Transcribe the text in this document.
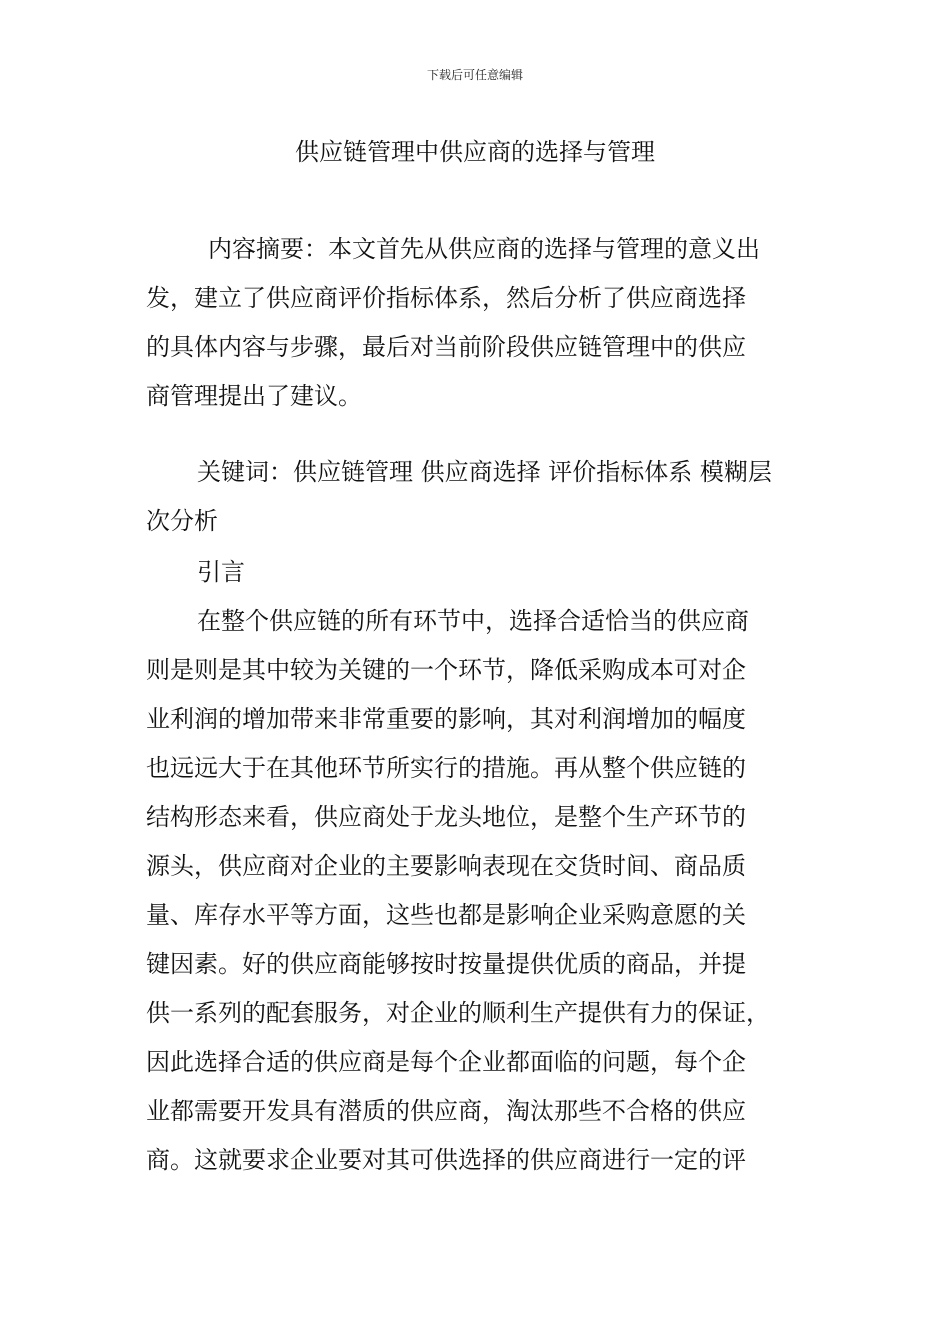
下载后可任意编辑
供应链管理中供应商的选择与管理
内容摘要：本文首先从供应商的选择与管理的意义出
发，建立了供应商评价指标体系，然后分析了供应商选择
的具体内容与步骤，最后对当前阶段供应链管理中的供应
商管理提出了建议。
关键词：供应链管理 供应商选择 评价指标体系 模糊层
次分析
引言
在整个供应链的所有环节中，选择合适恰当的供应商
则是则是其中较为关键的一个环节，降低采购成本可对企
业利润的增加带来非常重要的影响，其对利润增加的幅度
也远远大于在其他环节所实行的措施。再从整个供应链的
结构形态来看，供应商处于龙头地位，是整个生产环节的
源头，供应商对企业的主要影响表现在交货时间、商品质
量、库存水平等方面，这些也都是影响企业采购意愿的关
键因素。好的供应商能够按时按量提供优质的商品，并提
供一系列的配套服务，对企业的顺利生产提供有力的保证，
因此选择合适的供应商是每个企业都面临的问题，每个企
业都需要开发具有潜质的供应商，淘汰那些不合格的供应
商。这就要求企业要对其可供选择的供应商进行一定的评
